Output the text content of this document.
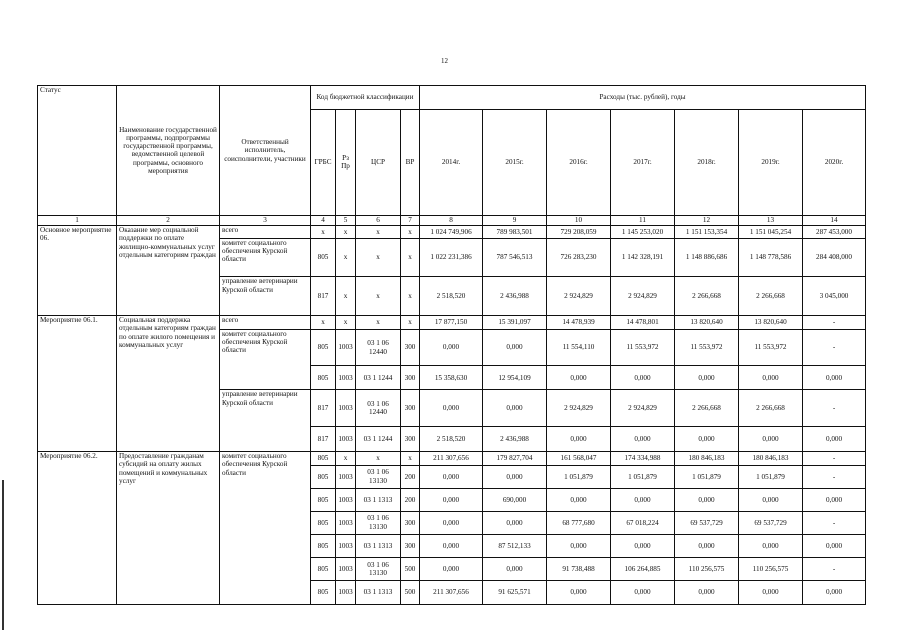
12
Статус	Наименование государственной программы, подпрограммы государственной программы, ведомственной целевой программы, основного мероприятия	Ответственный исполнитель, соисполнители, участники	Код бюджетной классификации				Расходы (тыс. рублей), годы						
			ГРБС	Рз Пр	ЦСР	ВР	2014г.	2015г.	2016г.	2017г.	2018г.	2019г.	2020г.
1	2	3	4	5	6	7	8	9	10	11	12	13	14
Основное мероприятие 06.	Оказание мер социальной поддержки по оплате жилищно-коммунальных услуг отдельным категориям граждан	всего	x	x	x	x	1 024 749,906	789 983,501	729 208,059	1 145 253,020	1 151 153,354	1 151 045,254	287 453,000
		комитет социального обеспечения Курской области	805	x	x	x	1 022 231,386	787 546,513	726 283,230	1 142 328,191	1 148 886,686	1 148 778,586	284 408,000
		управление ветеринарии Курской области	817	x	x	x	2 518,520	2 436,988	2 924,829	2 924,829	2 266,668	2 266,668	3 045,000
Мероприятие 06.1.	Социальная поддержка отдельным категориям граждан по оплате жилого помещения и коммунальных услуг	всего	x	x	x	x	17 877,150	15 391,097	14 478,939	14 478,801	13 820,640	13 820,640	-
		комитет социального обеспечения Курской области	805	1003	03 1 06 12440	300	0,000	0,000	11 554,110	11 553,972	11 553,972	11 553,972	-
			805	1003	03 1 1244	300	15 358,630	12 954,109	0,000	0,000	0,000	0,000	0,000
		управление ветеринарии Курской области	817	1003	03 1 06 12440	300	0,000	0,000	2 924,829	2 924,829	2 266,668	2 266,668	-
			817	1003	03 1 1244	300	2 518,520	2 436,988	0,000	0,000	0,000	0,000	0,000
Мероприятие 06.2.	Предоставление гражданам субсидий на оплату жилых помещений и коммунальных услуг	комитет социального обеспечения Курской области	805	x	x	x	211 307,656	179 827,704	161 568,047	174 334,988	180 846,183	180 846,183	-
			805	1003	03 1 06 13130	200	0,000	0,000	1 051,879	1 051,879	1 051,879	1 051,879	-
			805	1003	03 1 1313	200	0,000	690,000	0,000	0,000	0,000	0,000	0,000
			805	1003	03 1 06 13130	300	0,000	0,000	68 777,680	67 018,224	69 537,729	69 537,729	-
			805	1003	03 1 1313	300	0,000	87 512,133	0,000	0,000	0,000	0,000	0,000
			805	1003	03 1 06 13130	500	0,000	0,000	91 738,488	106 264,885	110 256,575	110 256,575	-
			805	1003	03 1 1313	500	211 307,656	91 625,571	0,000	0,000	0,000	0,000	0,000
